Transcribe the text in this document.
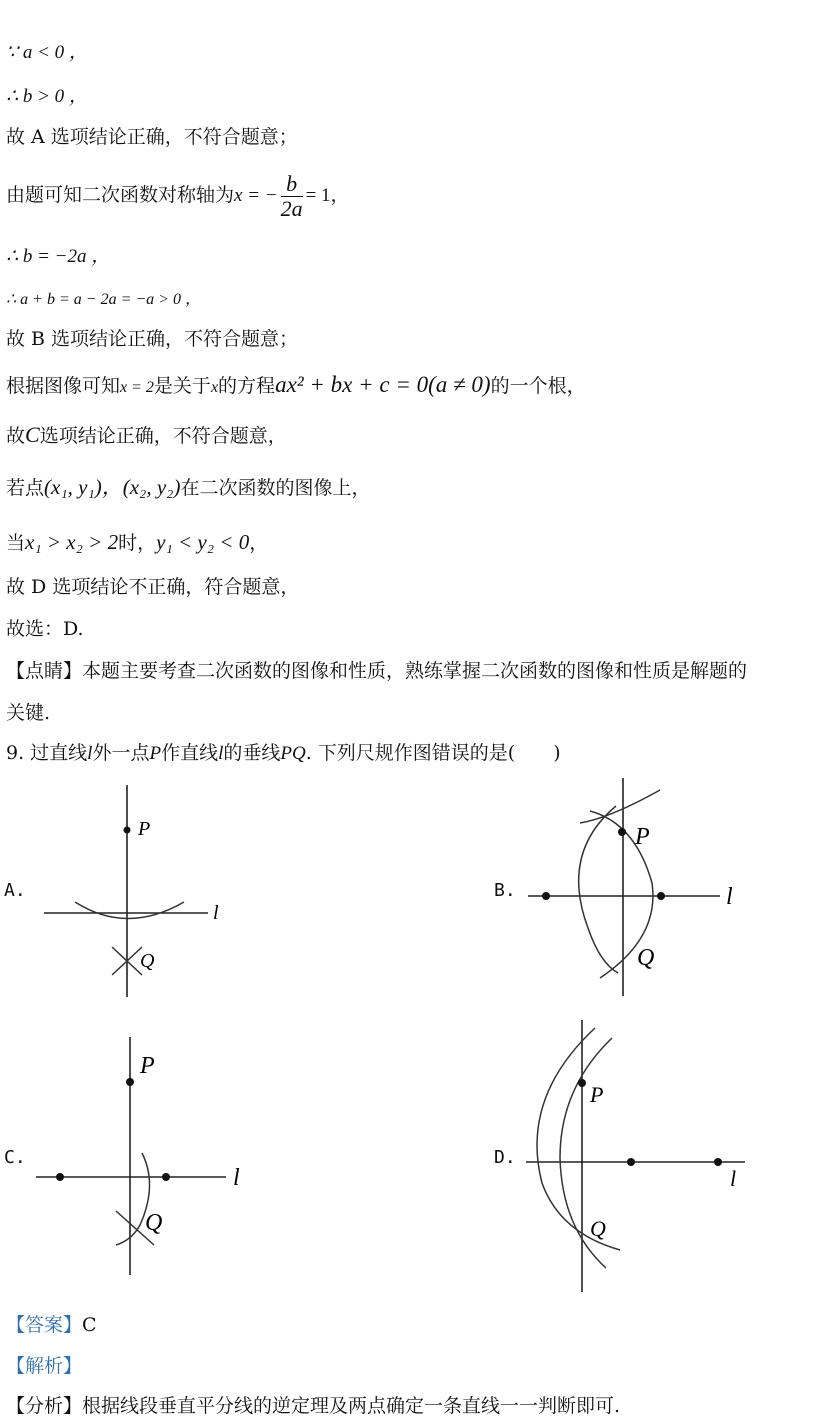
∵ a < 0 ，
∴ b > 0 ，
故 A 选项结论正确，不符合题意；
由题可知二次函数对称轴为x = − $\frac{b}{2a} = 1$，
∴ b = −2a ，
∴ a + b = a − 2a = −a > 0 ，
故 B 选项结论正确，不符合题意；
根据图像可知x = 2是关于x的方程ax² + bx + c = 0(a ≠ 0)的一个根，
故C选项结论正确，不符合题意，
若点(x₁, y₁)，(x₂, y₂)在二次函数的图像上，
当x₁ > x₂ > 2时，y₁ < y₂ < 0，
故 D 选项结论不正确，符合题意，
故选：D.
【点睛】本题主要考查二次函数的图像和性质，熟练掌握二次函数的图像和性质是解题的
关键.
9. 过直线l外一点P作直线l的垂线PQ. 下列尺规作图错误的是(　　)
A.	B.
C.	D.
P
Q
l
P
Q
l
P
Q
l
P
Q
l
【答案】C
【解析】
【分析】根据线段垂直平分线的逆定理及两点确定一条直线一一判断即可.
